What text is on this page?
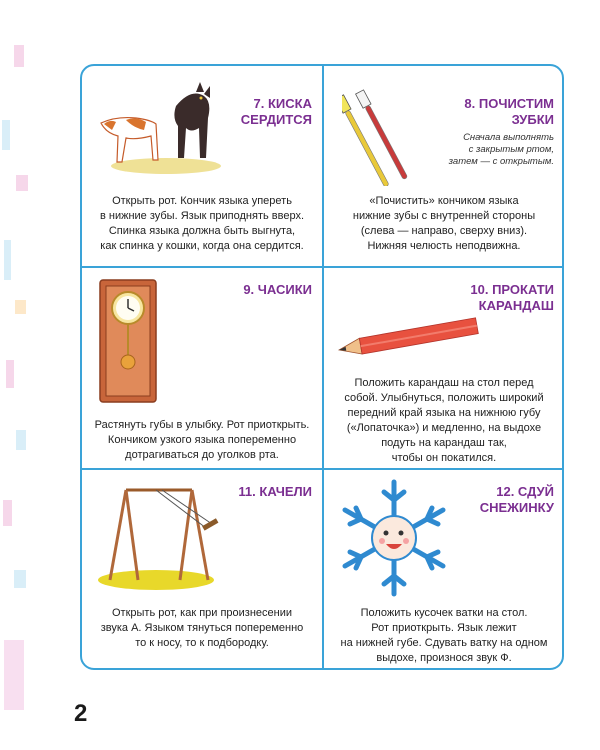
7. КИСКА
СЕРДИТСЯ
Открыть рот. Кончик языка упереть
в нижние зубы. Язык приподнять вверх.
Спинка языка должна быть выгнута,
как спинка у кошки, когда она сердится.
8. ПОЧИСТИМ
ЗУБКИ
Сначала выполнять
с закрытым ртом,
затем — с открытым.
«Почистить» кончиком языка
нижние зубы с внутренней стороны
(слева — направо, сверху вниз).
Нижняя челюсть неподвижна.
9. ЧАСИКИ
Растянуть губы в улыбку. Рот приоткрыть.
Кончиком узкого языка попеременно
дотрагиваться до уголков рта.
10. ПРОКАТИ
КАРАНДАШ
Положить карандаш на стол перед
собой. Улыбнуться, положить широкий
передний край языка на нижнюю губу
(«Лопаточка») и медленно, на выдохе
подуть на карандаш так,
чтобы он покатился.
11. КАЧЕЛИ
Открыть рот, как при произнесении
звука А. Языком тянуться попеременно
то к носу, то к подбородку.
12. СДУЙ
СНЕЖИНКУ
Положить кусочек ватки на стол.
Рот приоткрыть. Язык лежит
на нижней губе. Сдувать ватку на одном
выдохе, произнося звук Ф.
2
